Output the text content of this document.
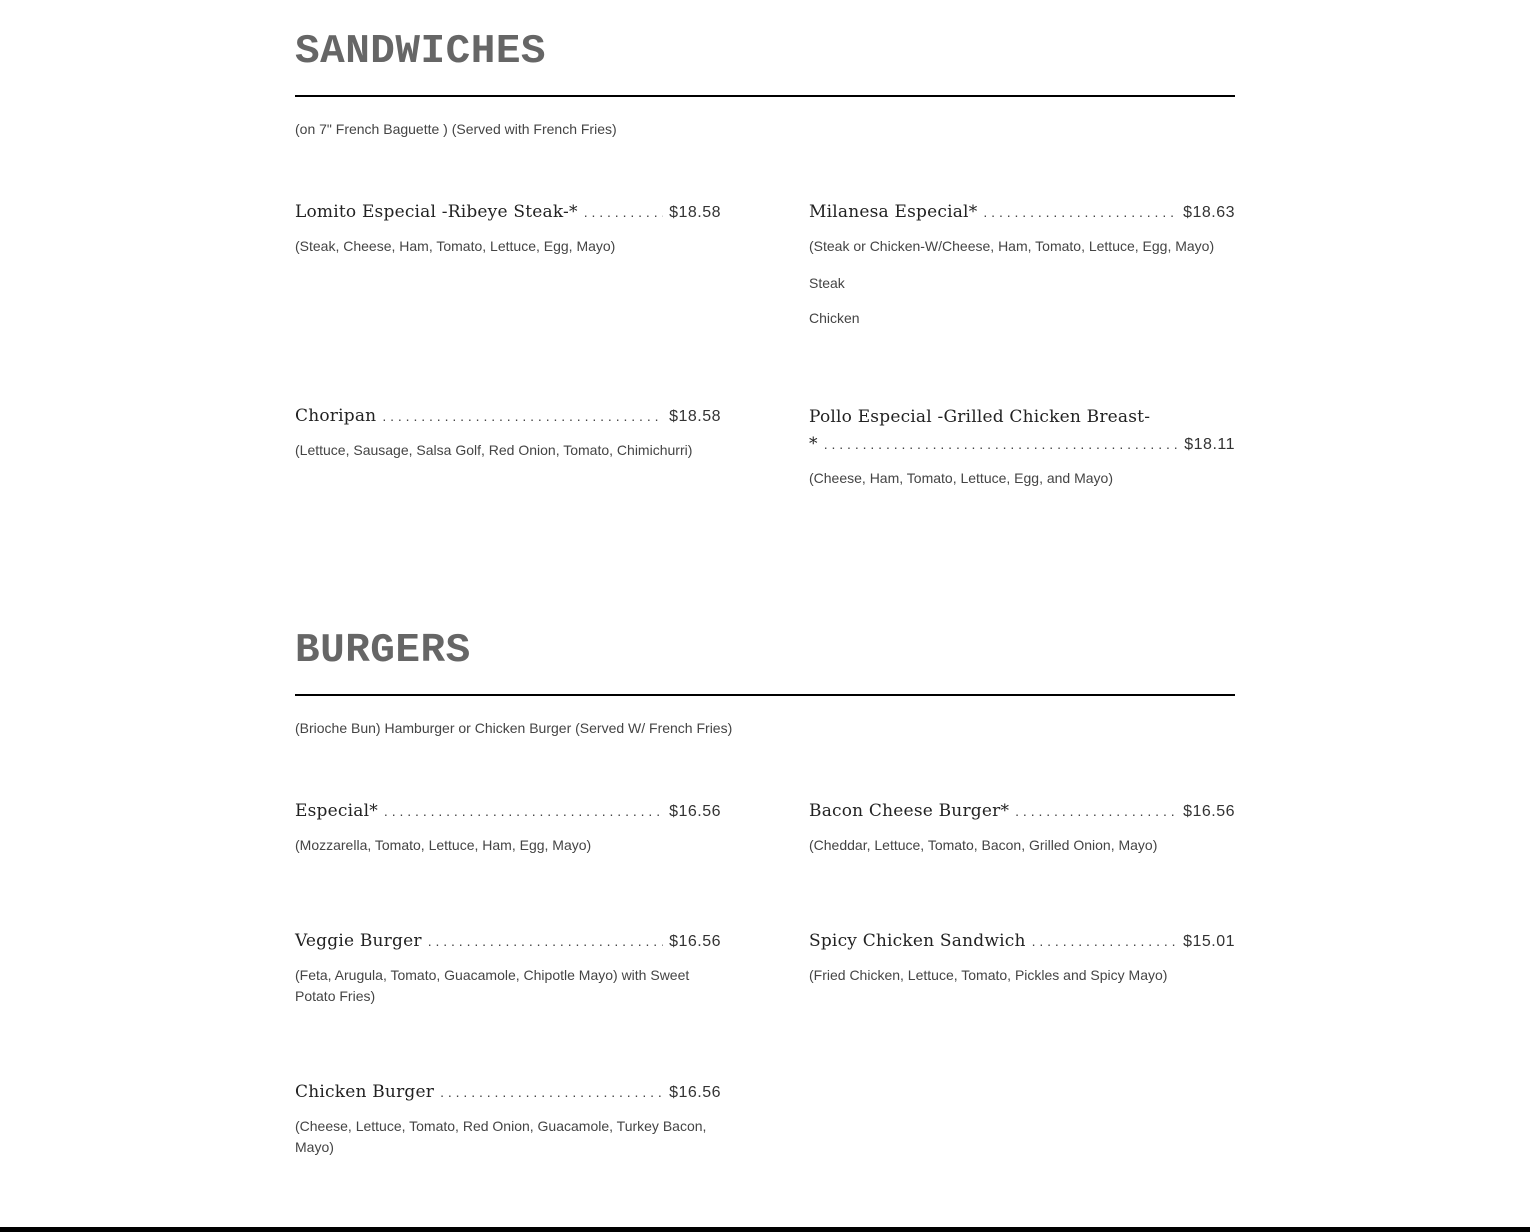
SANDWICHES
(on 7" French Baguette ) (Served with French Fries)
Lomito Especial -Ribeye Steak-* . . .	$18.58
(Steak, Cheese, Ham, Tomato, Lettuce, Egg, Mayo)
Milanesa Especial* . . .	$18.63
(Steak or Chicken-W/Cheese, Ham, Tomato, Lettuce, Egg, Mayo)
Steak
Chicken
Choripan . . .	$18.58
(Lettuce, Sausage, Salsa Golf, Red Onion, Tomato, Chimichurri)
Pollo Especial -Grilled Chicken Breast-
* . . .	$18.11
(Cheese, Ham, Tomato, Lettuce, Egg, and Mayo)
BURGERS
(Brioche Bun) Hamburger or Chicken Burger (Served W/ French Fries)
Especial* . . .	$16.56
(Mozzarella, Tomato, Lettuce, Ham, Egg, Mayo)
Bacon Cheese Burger* . . .	$16.56
(Cheddar, Lettuce, Tomato, Bacon, Grilled Onion, Mayo)
Veggie Burger . . .	$16.56
(Feta, Arugula, Tomato, Guacamole, Chipotle Mayo) with Sweet Potato Fries)
Spicy Chicken Sandwich . . .	$15.01
(Fried Chicken, Lettuce, Tomato, Pickles and Spicy Mayo)
Chicken Burger . . .	$16.56
(Cheese, Lettuce, Tomato, Red Onion, Guacamole, Turkey Bacon, Mayo)
